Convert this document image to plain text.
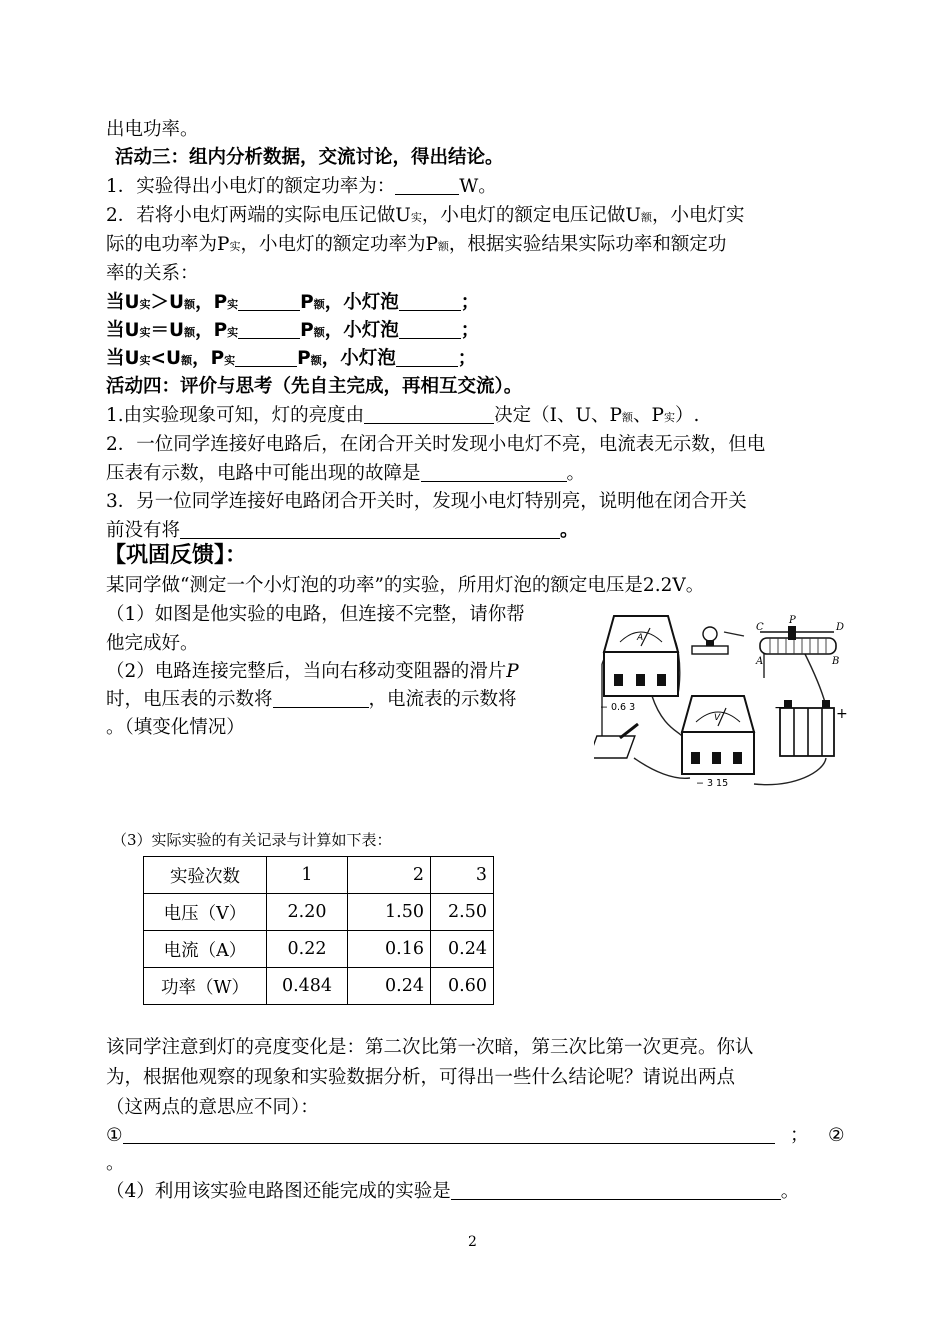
出电功率。
活动三：组内分析数据，交流讨论，得出结论。
1．实验得出小电灯的额定功率为：	W。
2．若将小电灯两端的实际电压记做U实，小电灯的额定电压记做U额，小电灯实
际的电功率为P实，小电灯的额定功率为P额，根据实验结果实际功率和额定功
率的关系：
当U实＞U额，P实	P额，小灯泡	；
当U实＝U额，P实	P额，小灯泡	；
当U实<U额，P实	P额，小灯泡	；
活动四：评价与思考（先自主完成，再相互交流）。
1.由实验现象可知，灯的亮度由	决定（I、U、P额、P实）.
2．一位同学连接好电路后，在闭合开关时发现小电灯不亮，电流表无示数，但电
压表有示数，电路中可能出现的故障是	。
3．另一位同学连接好电路闭合开关时，发现小电灯特别亮，说明他在闭合开关
前没有将	。
【巩固反馈】：
某同学做“测定一个小灯泡的功率”的实验，所用灯泡的额定电压是2.2V。
（1）如图是他实验的电路，但连接不完整，请你帮
他完成好。
（2）电路连接完整后，当向右移动变阻器的滑片P
时，电压表的示数将	，电流表的示数将
。（填变化情况）
A
− 0.6 3
C
P
D
A	B
V
− 3 15
−	+
（3）实际实验的有关记录与计算如下表：
实验次数	1	2	3
电压（V）	2.20	1.50	2.50
电流（A）	0.22	0.16	0.24
功率（W）	0.484	0.24	0.60
该同学注意到灯的亮度变化是：第二次比第一次暗，第三次比第一次更亮。你认
为，根据他观察的现象和实验数据分析，可得出一些什么结论呢？请说出两点
（这两点的意思应不同）：
①	； ②
。
（4）利用该实验电路图还能完成的实验是	。
2
